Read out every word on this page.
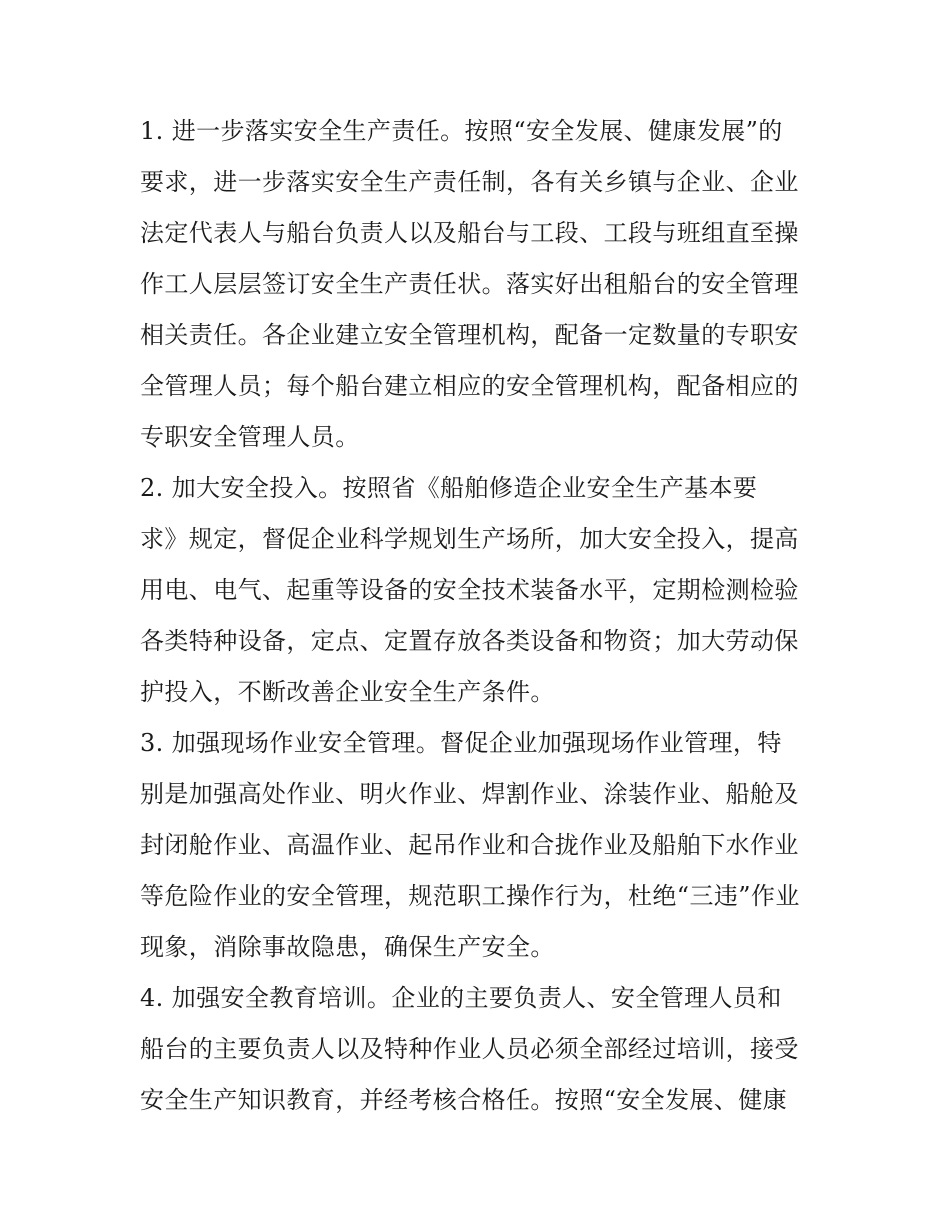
1. 进一步落实安全生产责任。按照“安全发展、健康发展”的
要求，进一步落实安全生产责任制，各有关乡镇与企业、企业
法定代表人与船台负责人以及船台与工段、工段与班组直至操
作工人层层签订安全生产责任状。落实好出租船台的安全管理
相关责任。各企业建立安全管理机构，配备一定数量的专职安
全管理人员；每个船台建立相应的安全管理机构，配备相应的
专职安全管理人员。
2. 加大安全投入。按照省《船舶修造企业安全生产基本要
求》规定，督促企业科学规划生产场所，加大安全投入，提高
用电、电气、起重等设备的安全技术装备水平，定期检测检验
各类特种设备，定点、定置存放各类设备和物资；加大劳动保
护投入，不断改善企业安全生产条件。
3. 加强现场作业安全管理。督促企业加强现场作业管理，特
别是加强高处作业、明火作业、焊割作业、涂装作业、船舱及
封闭舱作业、高温作业、起吊作业和合拢作业及船舶下水作业
等危险作业的安全管理，规范职工操作行为，杜绝“三违”作业
现象，消除事故隐患，确保生产安全。
4. 加强安全教育培训。企业的主要负责人、安全管理人员和
船台的主要负责人以及特种作业人员必须全部经过培训，接受
安全生产知识教育，并经考核合格任。按照“安全发展、健康
